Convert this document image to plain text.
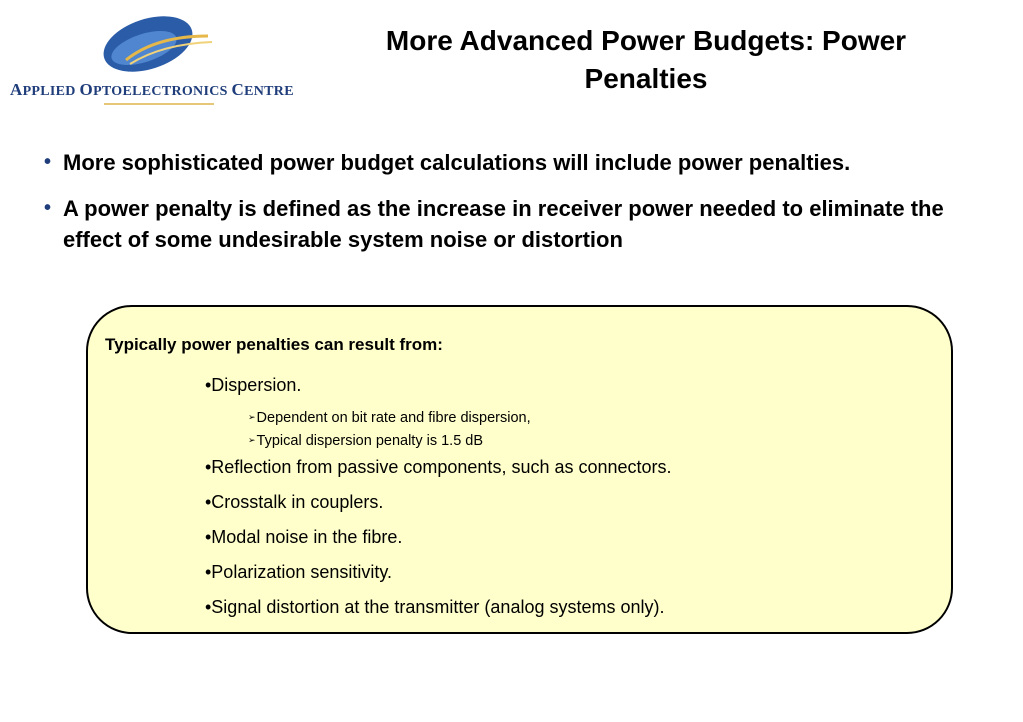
APPLIED OPTOELECTRONICS CENTRE
More Advanced Power Budgets: Power Penalties
• More sophisticated power budget calculations will include power penalties.
• A power penalty is defined as the increase in receiver power needed to eliminate the effect of some undesirable system noise or distortion
Typically power penalties can result from:
•Dispersion.
➢Dependent on bit rate and fibre dispersion,
➢Typical dispersion penalty is 1.5 dB
•Reflection from passive components, such as connectors.
•Crosstalk in couplers.
•Modal noise in the fibre.
•Polarization sensitivity.
•Signal distortion at the transmitter (analog systems only).
